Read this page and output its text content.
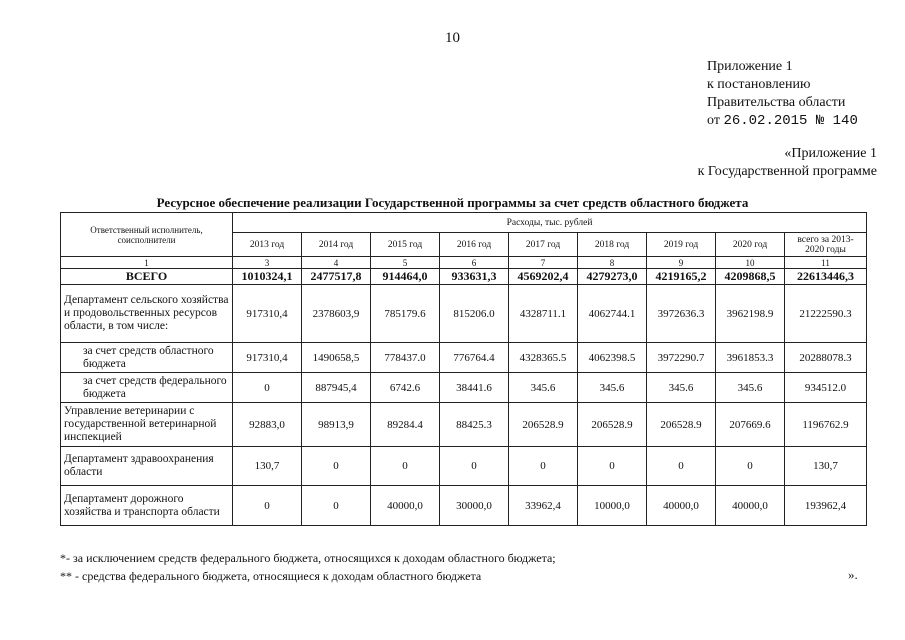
10
Приложение 1
к постановлению
Правительства области
от 26.02.2015 № 140
«Приложение 1
к Государственной программе
Ресурсное обеспечение реализации Государственной программы за счет средств областного бюджета
Ответственный исполнитель, соисполнители	Расходы, тыс. рублей								
	2013 год	2014 год	2015 год	2016 год	2017 год	2018 год	2019 год	2020 год	всего за 2013-2020 годы
1	3	4	5	6	7	8	9	10	11
ВСЕГО	1010324,1	2477517,8	914464,0	933631,3	4569202,4	4279273,0	4219165,2	4209868,5	22613446,3
Департамент сельского хозяйства и продовольственных ресурсов области, в том числе:	917310,4	2378603,9	785179.6	815206.0	4328711.1	4062744.1	3972636.3	3962198.9	21222590.3
за счет средств областного бюджета	917310,4	1490658,5	778437.0	776764.4	4328365.5	4062398.5	3972290.7	3961853.3	20288078.3
за счет средств федерального бюджета	0	887945,4	6742.6	38441.6	345.6	345.6	345.6	345.6	934512.0
Управление ветеринарии с государственной ветеринарной инспекцией	92883,0	98913,9	89284.4	88425.3	206528.9	206528.9	206528.9	207669.6	1196762.9
Департамент здравоохранения области	130,7	0	0	0	0	0	0	0	130,7
Департамент дорожного хозяйства и транспорта области	0	0	40000,0	30000,0	33962,4	10000,0	40000,0	40000,0	193962,4
*- за исключением средств федерального бюджета, относящихся к доходам областного бюджета;
** - средства федерального бюджета, относящиеся к доходам областного бюджета	».
